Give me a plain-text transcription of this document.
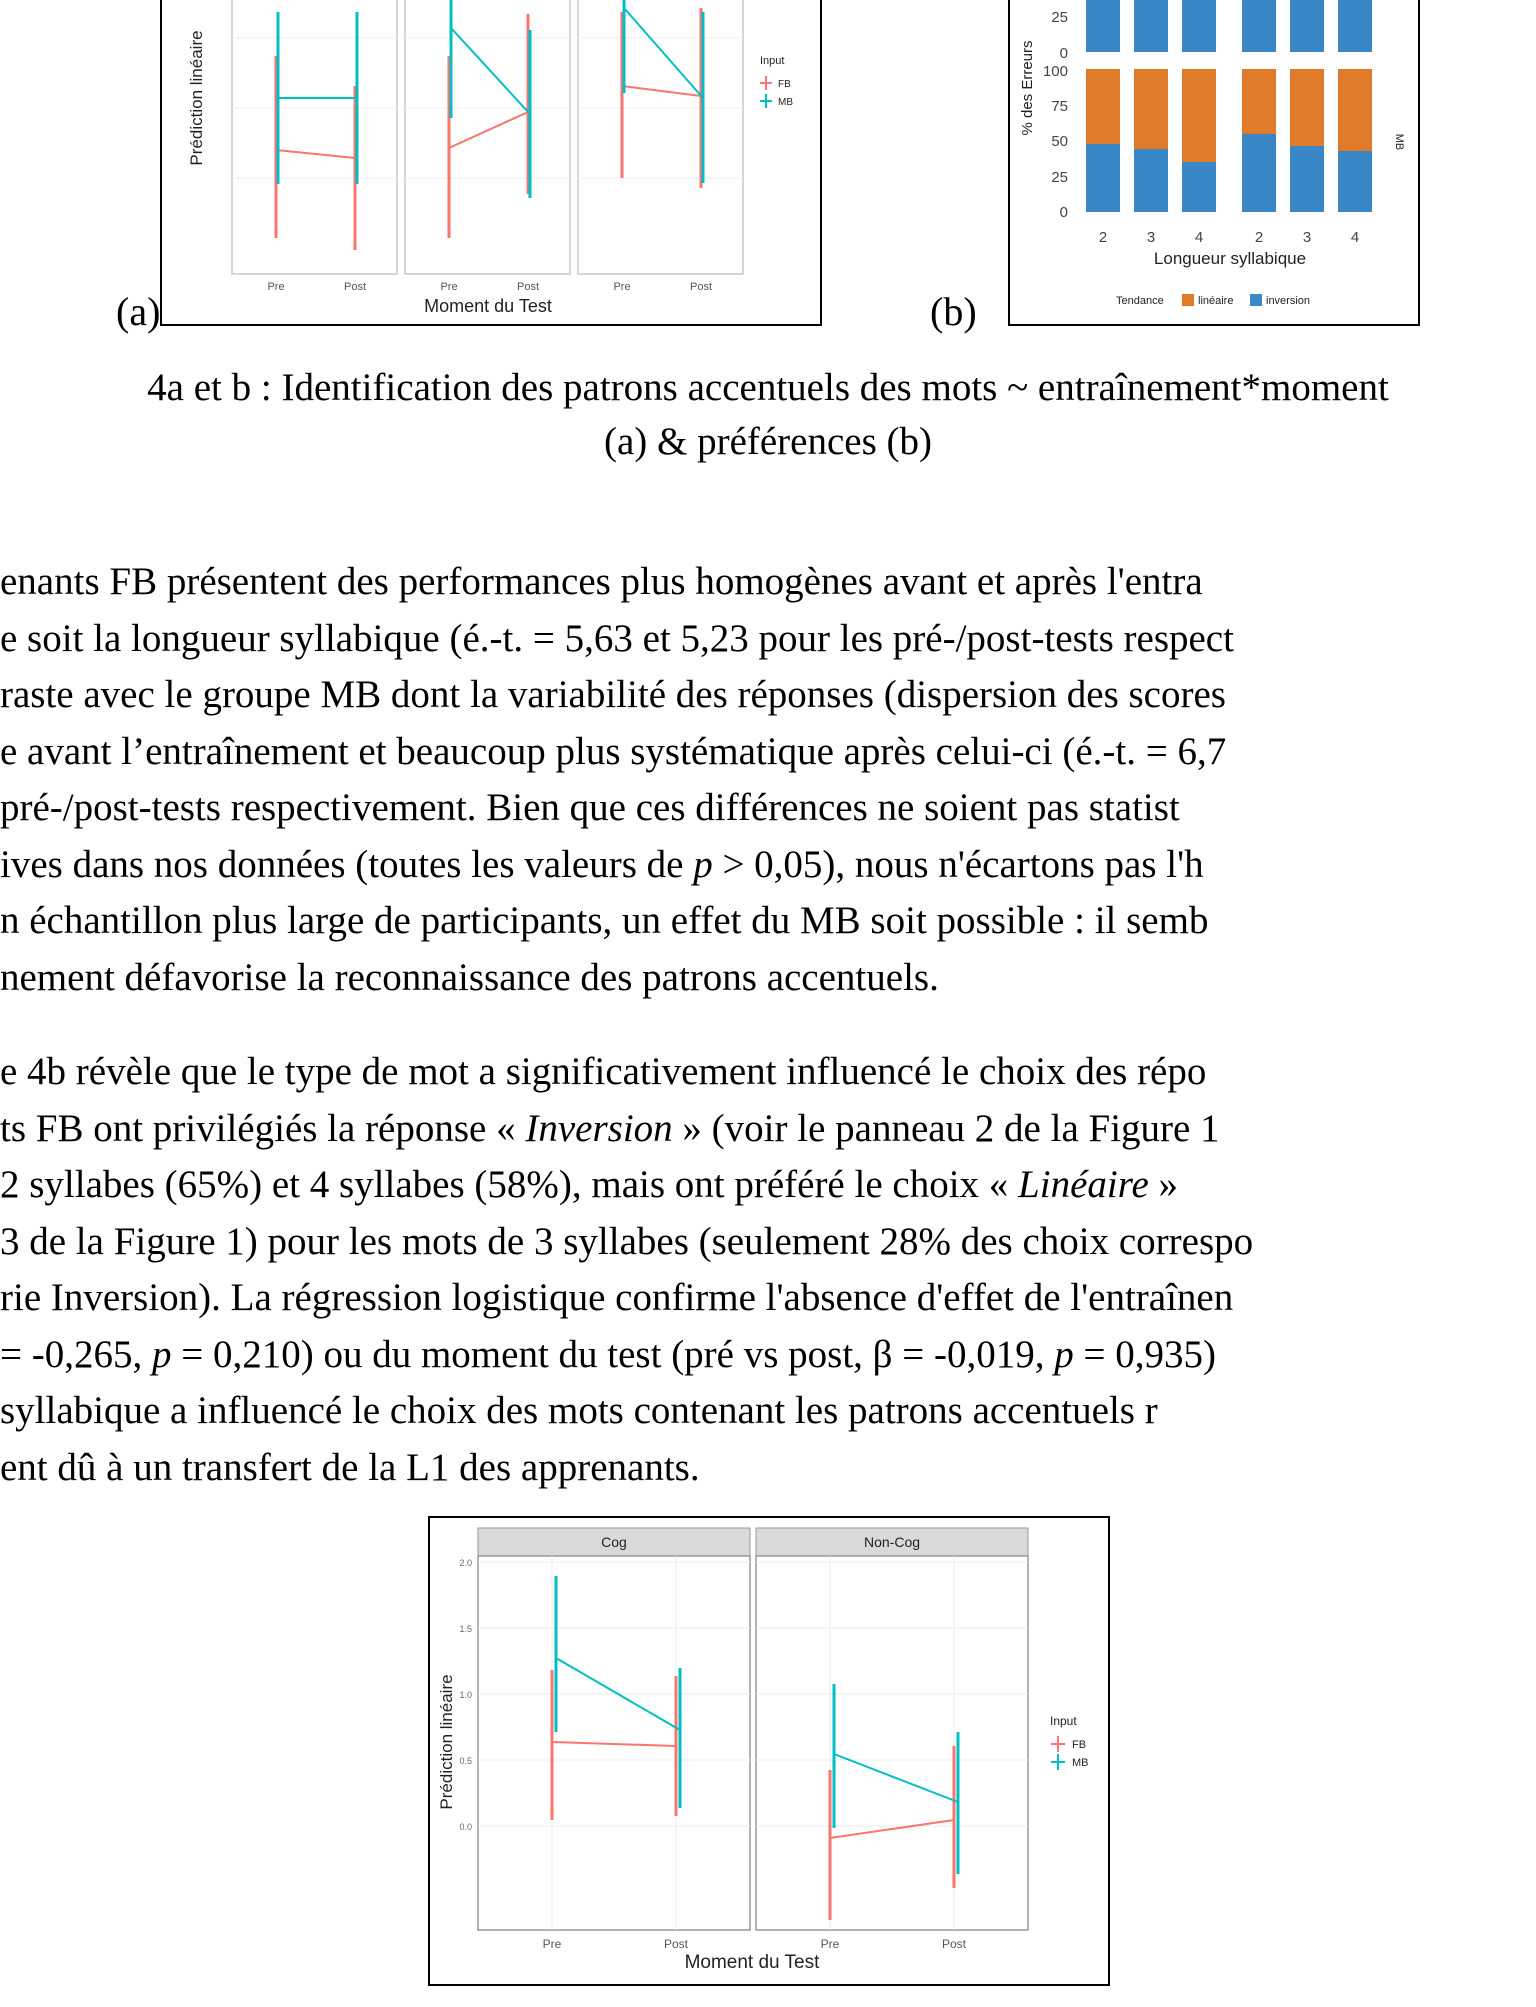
(a)
Pre	Post	Pre	Post	Pre	Post
Moment du Test
Prédiction linéaire	Input
FB
MB
(b)
25
0
100
75
50
25
0
2	3	4	2	3	4
Longueur syllabique
% des Erreurs
MB
Tendance	linéaire	inversion
4a et b : Identification des patrons accentuels des mots ~ entraînement*moment
(a) & préférences (b)
enants FB présentent des performances plus homogènes avant et après l'entra
e soit la longueur syllabique (é.-t. = 5,63 et 5,23 pour les pré-/post-tests respect
raste avec le groupe MB dont la variabilité des réponses (dispersion des scores
e avant l’entraînement et beaucoup plus systématique après celui-ci (é.-t. = 6,7
pré-/post-tests respectivement. Bien que ces différences ne soient pas statist
ives dans nos données (toutes les valeurs de p > 0,05), nous n'écartons pas l'h
n échantillon plus large de participants, un effet du MB soit possible : il semb
nement défavorise la reconnaissance des patrons accentuels.
e 4b révèle que le type de mot a significativement influencé le choix des répo
ts FB ont privilégiés la réponse « Inversion » (voir le panneau 2 de la Figure 1
2 syllabes (65%) et 4 syllabes (58%), mais ont préféré le choix « Linéaire »
3 de la Figure 1) pour les mots de 3 syllabes (seulement 28% des choix correspo
rie Inversion). La régression logistique confirme l'absence d'effet de l'entraînen
= -0,265, p = 0,210) ou du moment du test (pré vs post, β = -0,019, p = 0,935)
syllabique a influencé le choix des mots contenant les patrons accentuels r
ent dû à un transfert de la L1 des apprenants.
Cog	Non-Cog
2.0
1.5
1.0
0.5
0.0
Pre	Post	Pre	Post
Moment du Test
Prédiction linéaire	Input
FB
MB
